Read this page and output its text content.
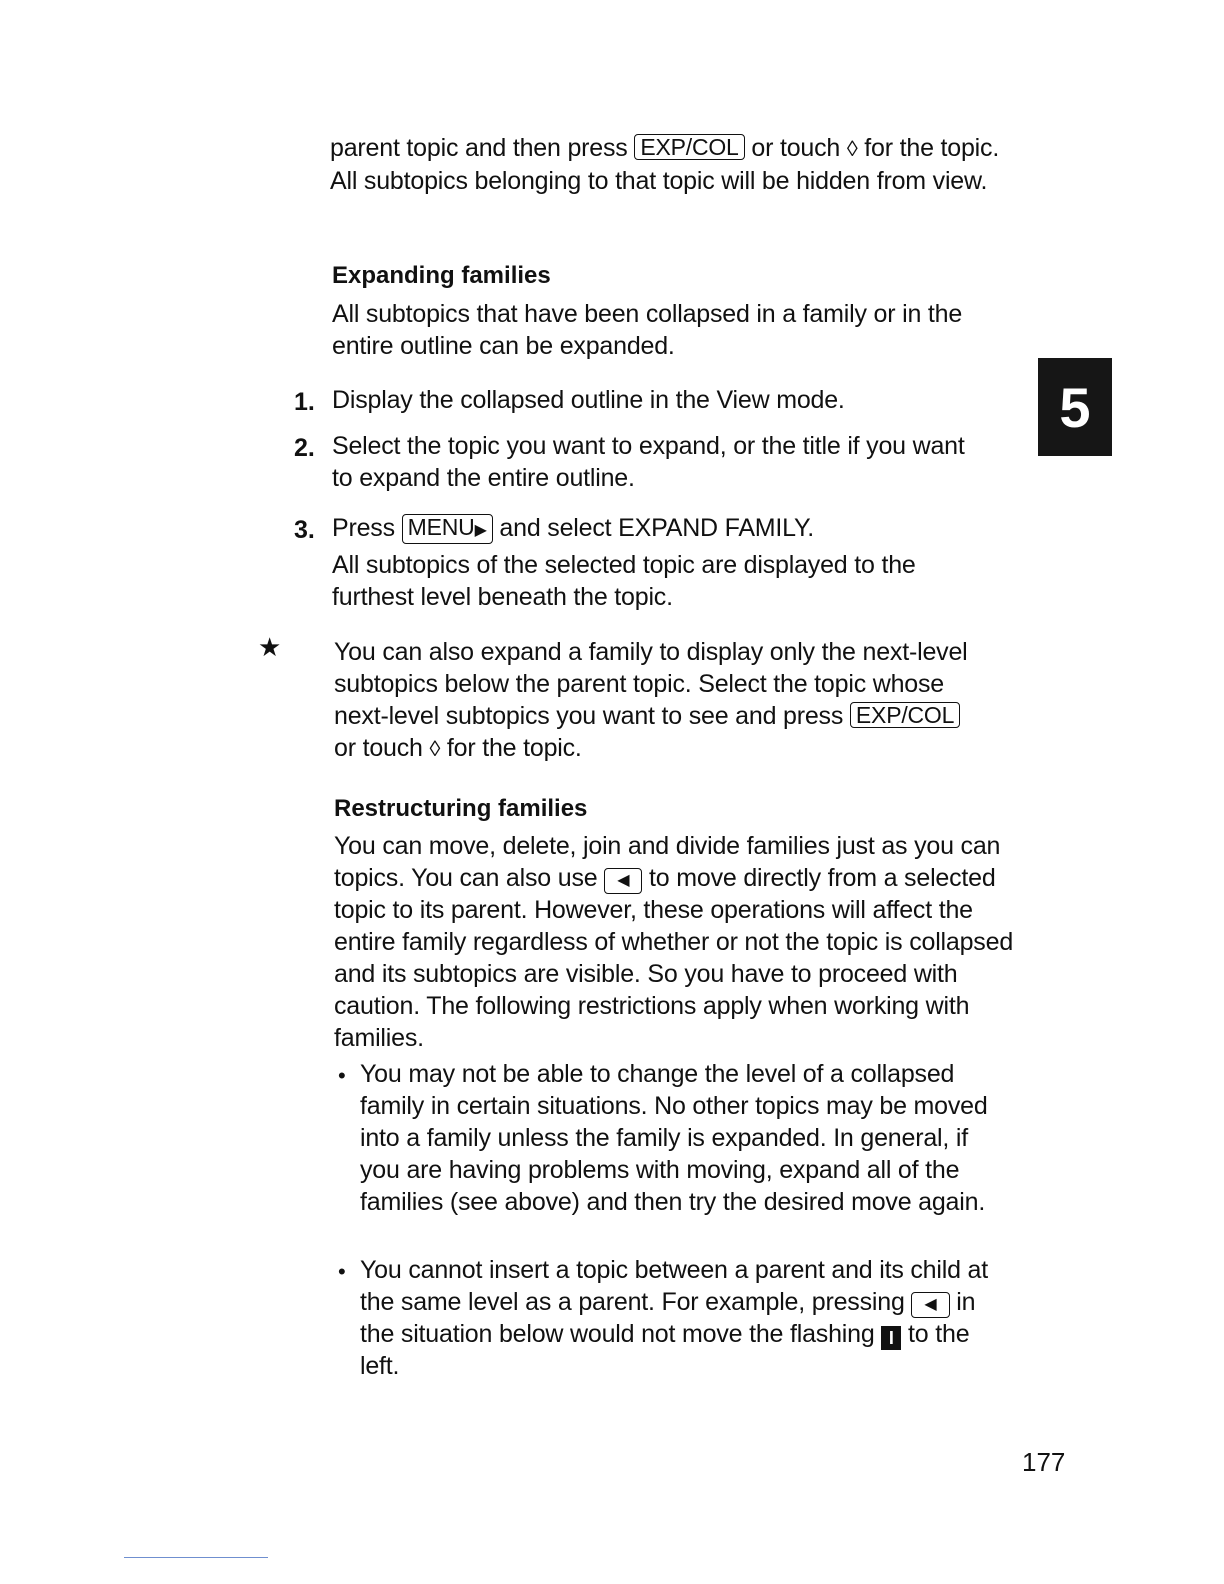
parent topic and then press EXP/COL or touch ◊ for the topic. All subtopics belonging to that topic will be hidden from view.

Expanding families

All subtopics that have been collapsed in a family or in the entire outline can be expanded.

1. Display the collapsed outline in the View mode.

2. Select the topic you want to expand, or the title if you want to expand the entire outline.

3. Press MENU▶ and select EXPAND FAMILY.

All subtopics of the selected topic are displayed to the furthest level beneath the topic.

★ You can also expand a family to display only the next-level subtopics below the parent topic. Select the topic whose next-level subtopics you want to see and press EXP/COL or touch ◊ for the topic.

Restructuring families

You can move, delete, join and divide families just as you can topics. You can also use ◀ to move directly from a selected topic to its parent. However, these operations will affect the entire family regardless of whether or not the topic is collapsed and its subtopics are visible. So you have to proceed with caution. The following restrictions apply when working with families.

• You may not be able to change the level of a collapsed family in certain situations. No other topics may be moved into a family unless the family is expanded. In general, if you are having problems with moving, expand all of the families (see above) and then try the desired move again.

• You cannot insert a topic between a parent and its child at the same level as a parent. For example, pressing ◀ in the situation below would not move the flashing I to the left.

5
177
